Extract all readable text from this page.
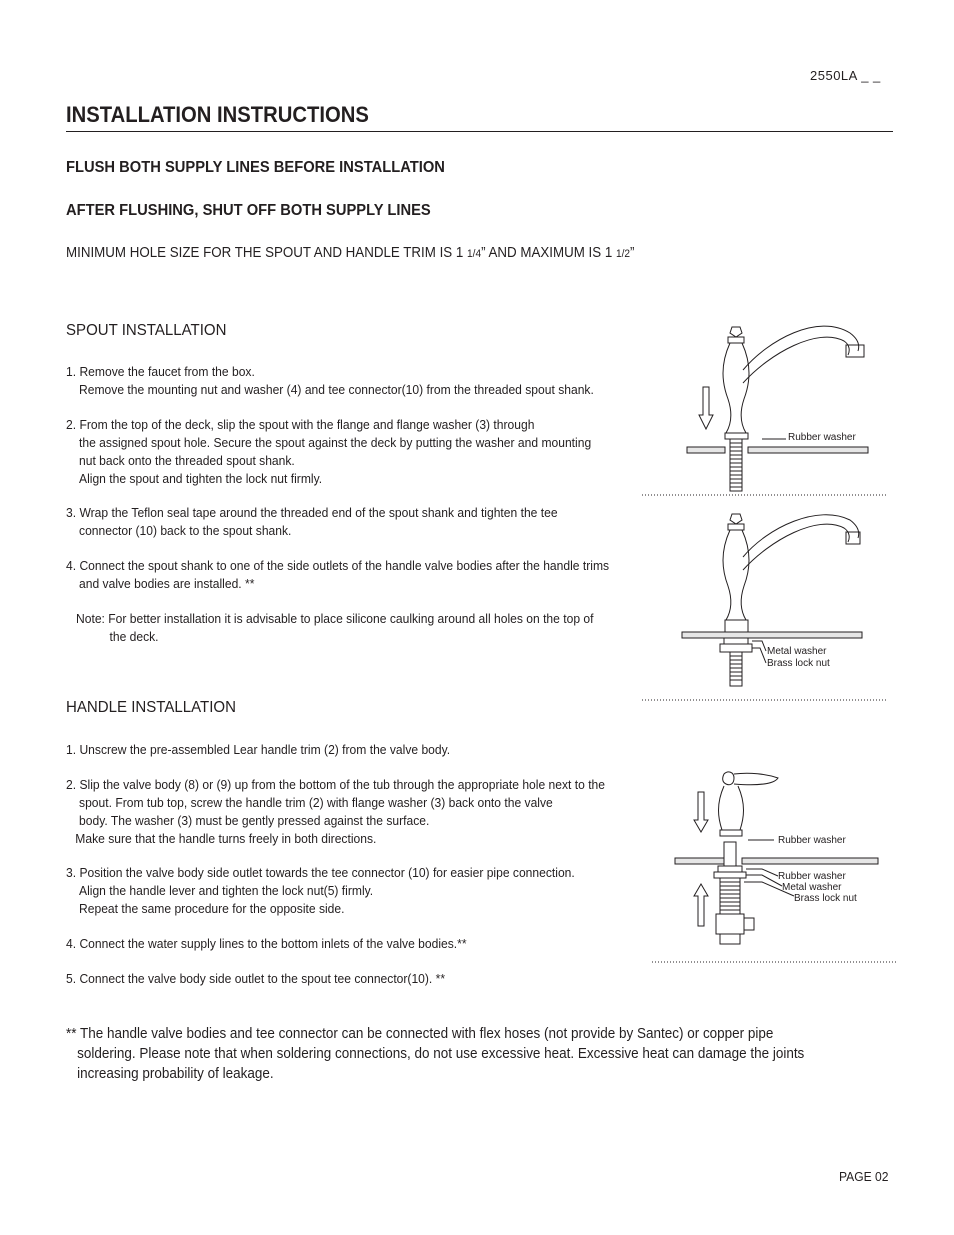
2550LA _ _
INSTALLATION INSTRUCTIONS
FLUSH BOTH SUPPLY LINES BEFORE INSTALLATION
AFTER FLUSHING, SHUT OFF BOTH SUPPLY LINES
MINIMUM HOLE SIZE FOR THE SPOUT AND HANDLE TRIM IS 1 1/4” AND MAXIMUM IS 1 1/2”
SPOUT INSTALLATION
1. Remove the faucet from the box.
Remove the mounting nut and washer (4) and tee connector(10) from the threaded spout shank.
2. From the top of the deck, slip the spout with the flange and flange washer (3) through
the assigned spout hole. Secure the spout against the deck by putting the washer and mounting
nut back onto the threaded spout shank.
Align the spout and tighten the lock nut firmly.
3. Wrap the Teflon seal tape around the threaded end of the spout shank and tighten the tee
connector (10) back to the spout shank.
4. Connect the spout shank to one of the side outlets of the handle valve bodies after the handle trims
and valve bodies are installed. **
Note: For better installation it is advisable to place silicone caulking around all holes on the top of
the deck.
HANDLE INSTALLATION
1. Unscrew the pre-assembled Lear handle trim (2) from the valve body.
2. Slip the valve body (8) or (9) up from the bottom of the tub through the appropriate hole next to the
spout. From tub top, screw the handle trim (2) with flange washer (3) back onto the valve
body. The washer (3) must be gently pressed against the surface.
Make sure that the handle turns freely in both directions.
3. Position the valve body side outlet towards the tee connector (10) for easier pipe connection.
Align the handle lever and tighten the lock nut(5) firmly.
Repeat the same procedure for the opposite side.
4. Connect the water supply lines to the bottom inlets of the valve bodies.**
5. Connect the valve body side outlet to the spout tee connector(10). **
** The handle valve bodies and tee connector can be connected with flex hoses (not provide by Santec) or copper pipe
soldering. Please note that when soldering connections, do not use excessive heat. Excessive heat can damage the joints
increasing probability of leakage.
PAGE 02
Rubber washer
Metal washer
Brass lock nut
Rubber washer
Rubber washer
Metal washer
Brass lock nut
